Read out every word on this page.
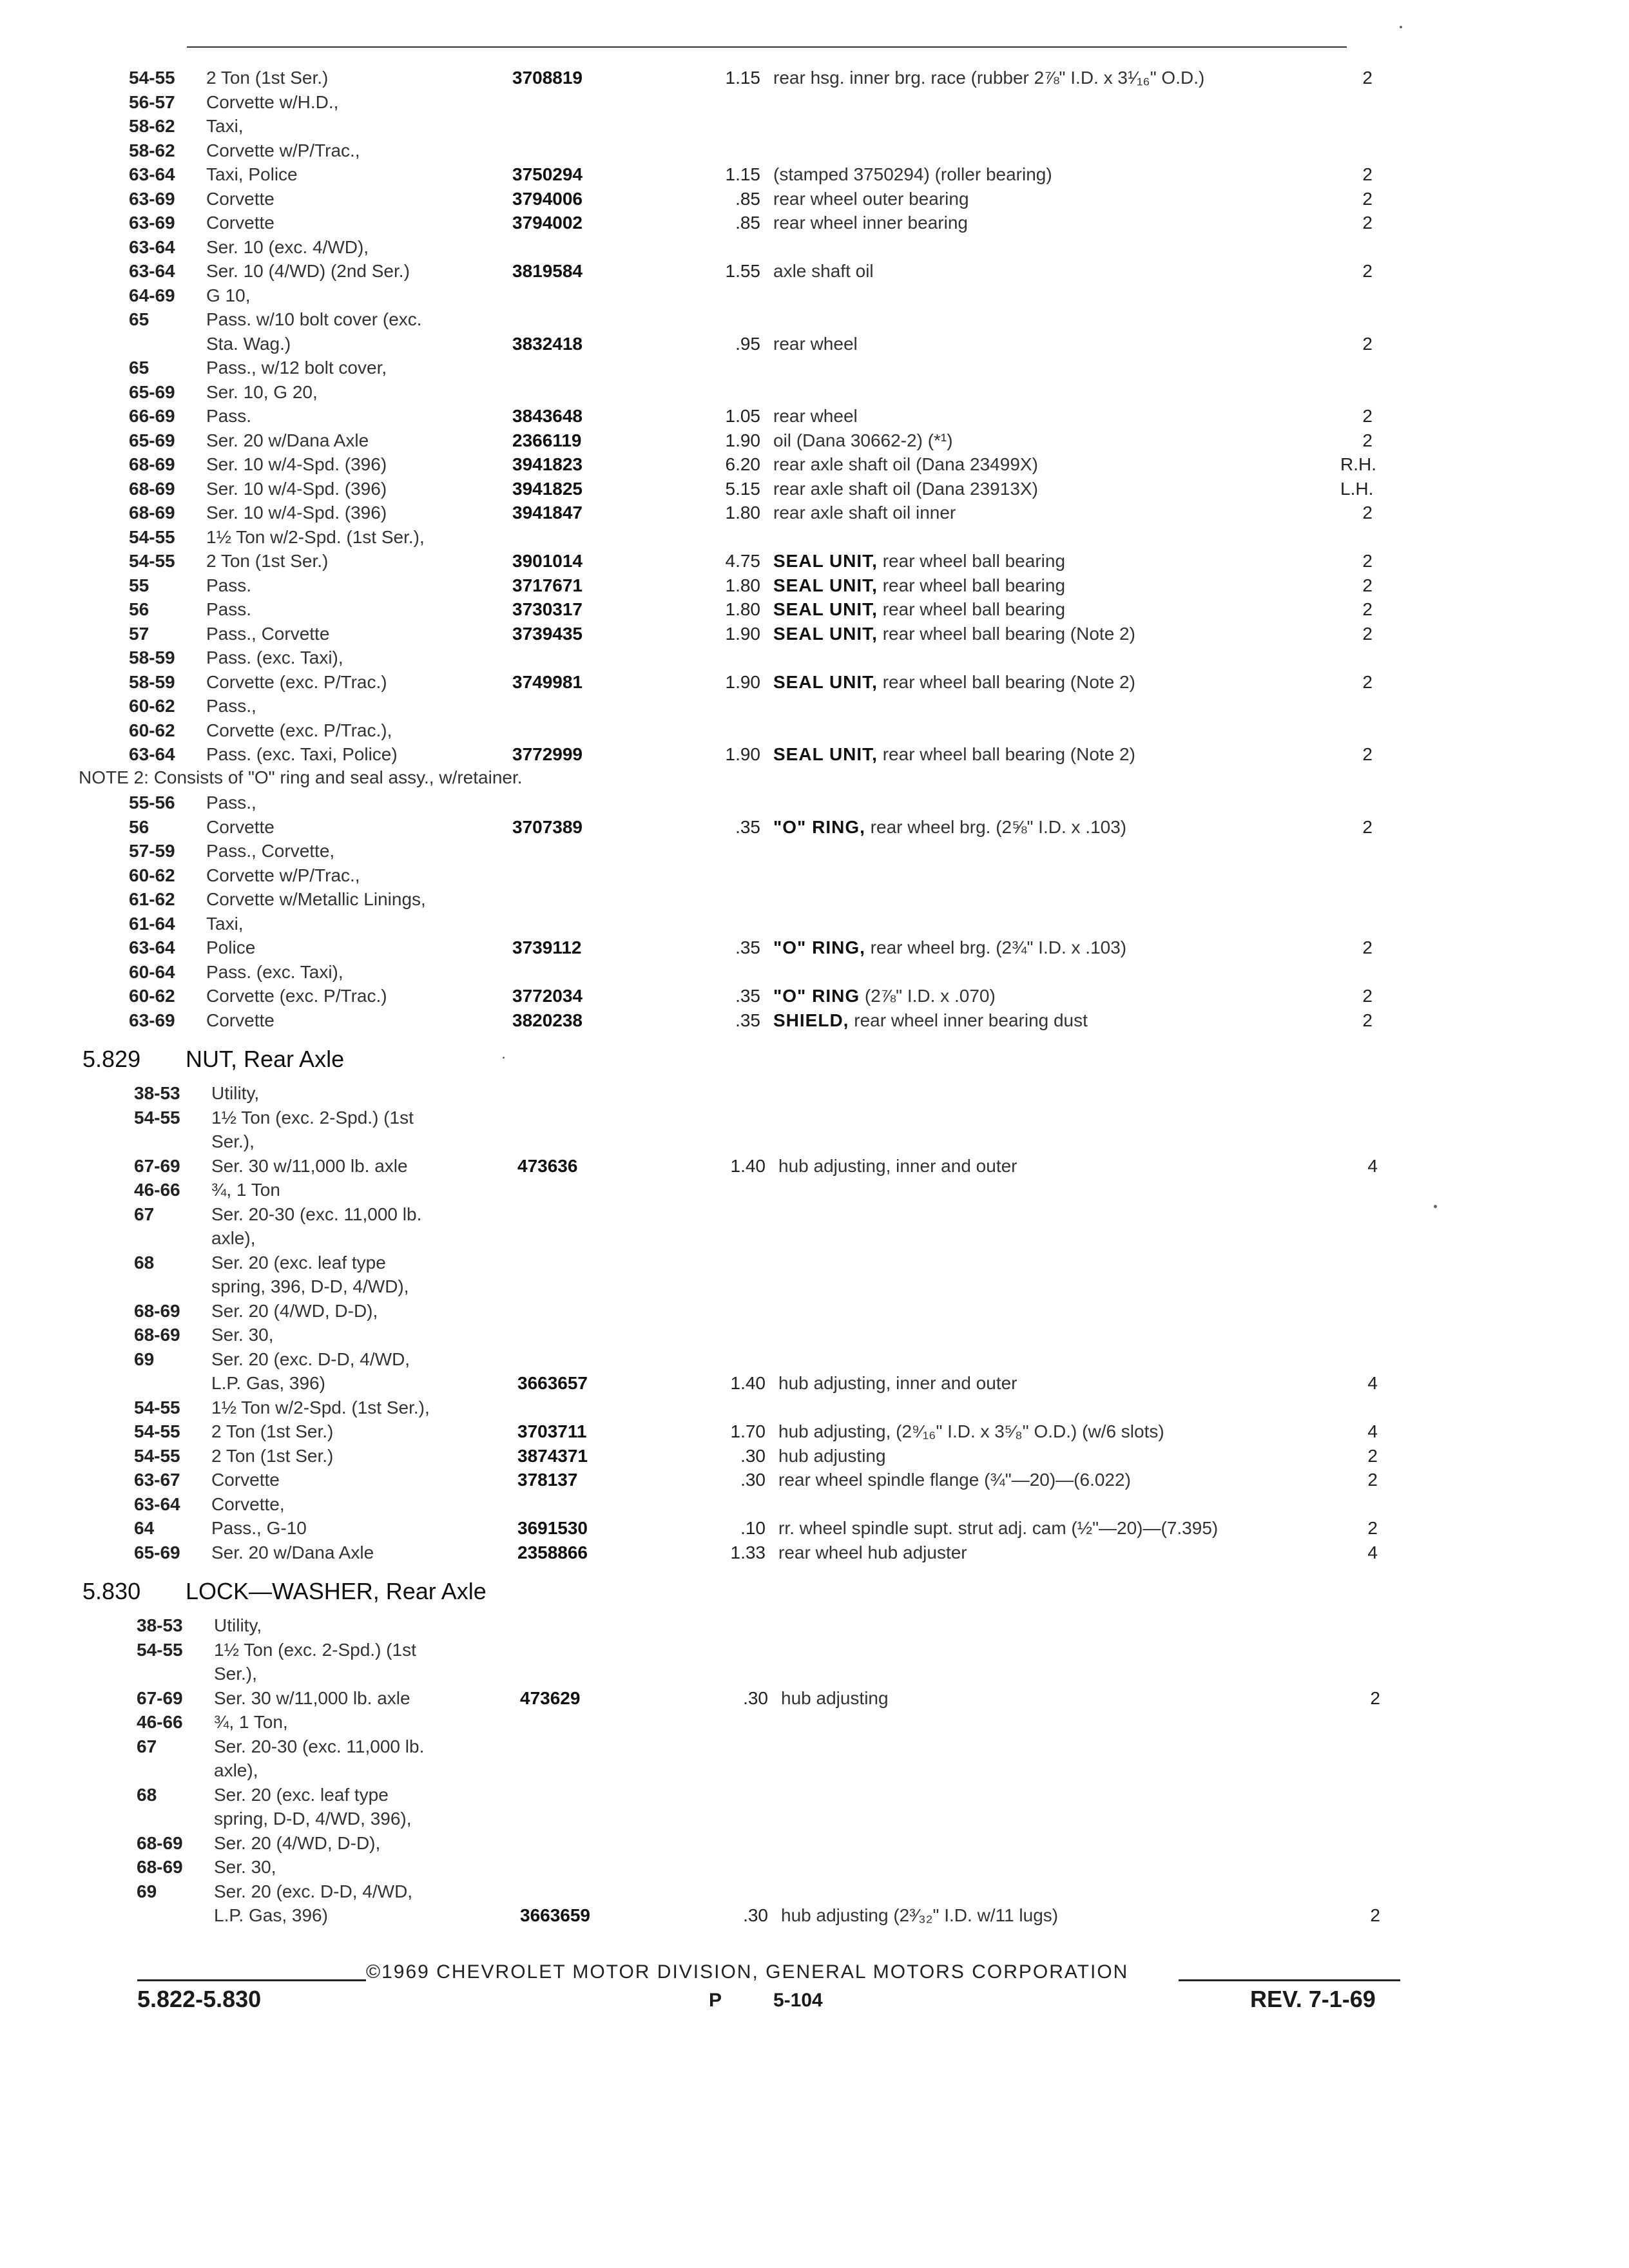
54-55	2 Ton (1st Ser.)	3708819	1.15 rear hsg. inner brg. race (rubber 2⅞" I.D. x 3¹⁄₁₆" O.D.)	2
56-57	Corvette w/H.D.,
58-62	Taxi,
58-62	Corvette w/P/Trac.,
63-64	Taxi, Police	3750294	1.15 (stamped 3750294) (roller bearing)	2
63-69	Corvette	3794006	.85 rear wheel outer bearing	2
63-69	Corvette	3794002	.85 rear wheel inner bearing	2
63-64	Ser. 10 (exc. 4/WD),
63-64	Ser. 10 (4/WD) (2nd Ser.)	3819584	1.55 axle shaft oil	2
64-69	G 10,
65	Pass. w/10 bolt cover (exc.
Sta. Wag.)	3832418	.95 rear wheel	2
65	Pass., w/12 bolt cover,
65-69	Ser. 10, G 20,
66-69	Pass.	3843648	1.05 rear wheel	2
65-69	Ser. 20 w/Dana Axle	2366119	1.90 oil (Dana 30662-2) (*¹)	2
68-69	Ser. 10 w/4-Spd. (396)	3941823	6.20 rear axle shaft oil (Dana 23499X)	R.H.
68-69	Ser. 10 w/4-Spd. (396)	3941825	5.15 rear axle shaft oil (Dana 23913X)	L.H.
68-69	Ser. 10 w/4-Spd. (396)	3941847	1.80 rear axle shaft oil inner	2
54-55	1½ Ton w/2-Spd. (1st Ser.),
54-55	2 Ton (1st Ser.)	3901014	4.75 SEAL UNIT, rear wheel ball bearing	2
55	Pass.	3717671	1.80 SEAL UNIT, rear wheel ball bearing	2
56	Pass.	3730317	1.80 SEAL UNIT, rear wheel ball bearing	2
57	Pass., Corvette	3739435	1.90 SEAL UNIT, rear wheel ball bearing (Note 2)	2
58-59	Pass. (exc. Taxi),
58-59	Corvette (exc. P/Trac.)	3749981	1.90 SEAL UNIT, rear wheel ball bearing (Note 2)	2
60-62	Pass.,
60-62	Corvette (exc. P/Trac.),
63-64	Pass. (exc. Taxi, Police)	3772999	1.90 SEAL UNIT, rear wheel ball bearing (Note 2)	2
NOTE 2: Consists of "O" ring and seal assy., w/retainer.
55-56	Pass.,
56	Corvette	3707389	.35 "O" RING, rear wheel brg. (2⅝" I.D. x .103)	2
57-59	Pass., Corvette,
60-62	Corvette w/P/Trac.,
61-62	Corvette w/Metallic Linings,
61-64	Taxi,
63-64	Police	3739112	.35 "O" RING, rear wheel brg. (2¾" I.D. x .103)	2
60-64	Pass. (exc. Taxi),
60-62	Corvette (exc. P/Trac.)	3772034	.35 "O" RING (2⅞" I.D. x .070)	2
63-69	Corvette	3820238	.35 SHIELD, rear wheel inner bearing dust	2
5.829 NUT, Rear Axle
38-53	Utility,
54-55	1½ Ton (exc. 2-Spd.) (1st
Ser.),
67-69	Ser. 30 w/11,000 lb. axle	473636	1.40 hub adjusting, inner and outer	4
46-66	¾, 1 Ton
67	Ser. 20-30 (exc. 11,000 lb.
axle),
68	Ser. 20 (exc. leaf type
spring, 396, D-D, 4/WD),
68-69	Ser. 20 (4/WD, D-D),
68-69	Ser. 30,
69	Ser. 20 (exc. D-D, 4/WD,
L.P. Gas, 396)	3663657	1.40 hub adjusting, inner and outer	4
54-55	1½ Ton w/2-Spd. (1st Ser.),
54-55	2 Ton (1st Ser.)	3703711	1.70 hub adjusting, (2⁹⁄₁₆" I.D. x 3⁵⁄₈" O.D.) (w/6 slots)	4
54-55	2 Ton (1st Ser.)	3874371	.30 hub adjusting	2
63-67	Corvette	378137	.30 rear wheel spindle flange (¾"—20)—(6.022)	2
63-64	Corvette,
64	Pass., G-10	3691530	.10 rr. wheel spindle supt. strut adj. cam (½"—20)—(7.395)	2
65-69	Ser. 20 w/Dana Axle	2358866	1.33 rear wheel hub adjuster	4
5.830 LOCK—WASHER, Rear Axle
38-53	Utility,
54-55	1½ Ton (exc. 2-Spd.) (1st
Ser.),
67-69	Ser. 30 w/11,000 lb. axle	473629	.30 hub adjusting	2
46-66	¾, 1 Ton,
67	Ser. 20-30 (exc. 11,000 lb.
axle),
68	Ser. 20 (exc. leaf type
spring, D-D, 4/WD, 396),
68-69	Ser. 20 (4/WD, D-D),
68-69	Ser. 30,
69	Ser. 20 (exc. D-D, 4/WD,
L.P. Gas, 396)	3663659	.30 hub adjusting (2³⁄₃₂" I.D. w/11 lugs)	2
©1969 CHEVROLET MOTOR DIVISION, GENERAL MOTORS CORPORATION
5.822-5.830	P	5-104	REV. 7-1-69
